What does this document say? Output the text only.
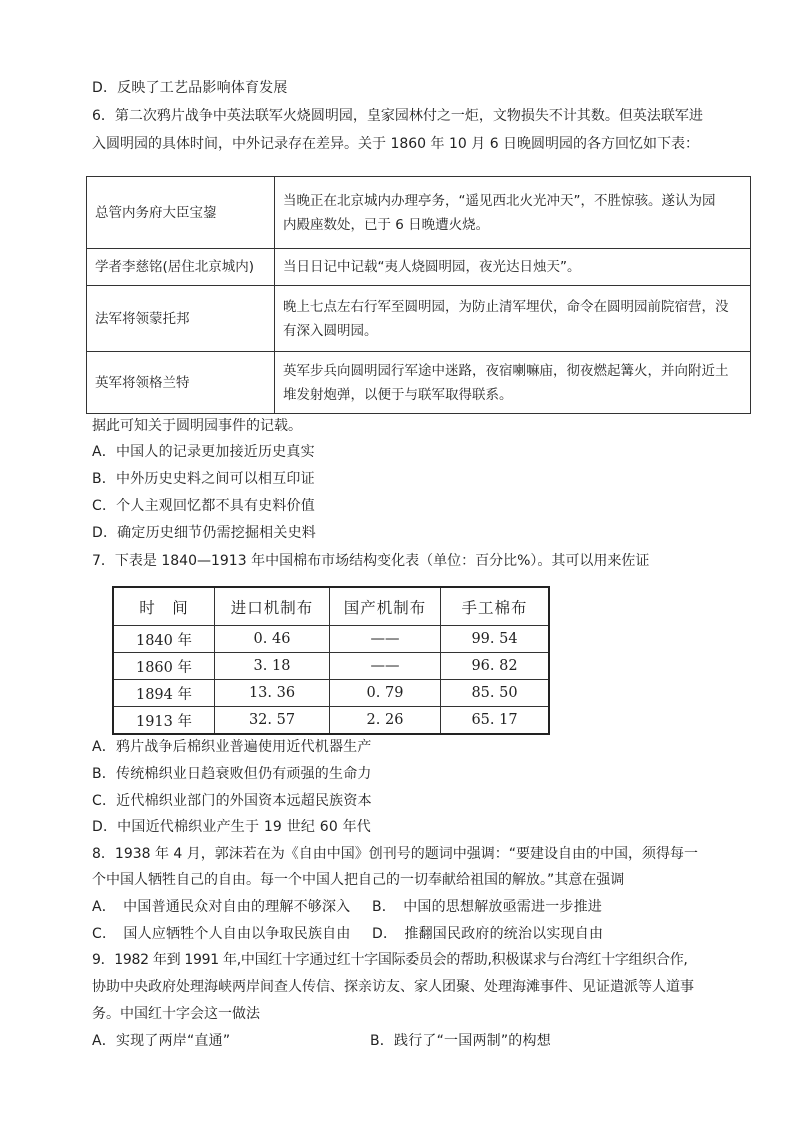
D．反映了工艺品影响体育发展
6．第二次鸦片战争中英法联军火烧圆明园，皇家园林付之一炬，文物损失不计其数。但英法联军进
入圆明园的具体时间，中外记录存在差异。关于 1860 年 10 月 6 日晚圆明园的各方回忆如下表：
总管内务府大臣宝鋆	当晚正在北京城内办理亭务，“遥见西北火光冲天”，不胜惊骇。遂认为园
内殿座数处，已于 6 日晚遭火烧。

学者李慈铭(居住北京城内)	当日日记中记载“夷人烧圆明园，夜光达日烛天”。

法军将领蒙托邦	晚上七点左右行军至圆明园，为防止清军埋伏，命令在圆明园前院宿营，没
有深入圆明园。

英军将领格兰特	英军步兵向圆明园行军途中迷路，夜宿喇嘛庙，彻夜燃起篝火，并向附近土
堆发射炮弹，以便于与联军取得联系。
据此可知关于圆明园事件的记载。
A．中国人的记录更加接近历史真实
B．中外历史史料之间可以相互印证
C．个人主观回忆都不具有史料价值
D．确定历史细节仍需挖掘相关史料
7．下表是 1840—1913 年中国棉布市场结构变化表（单位：百分比%）。其可以用来佐证
时　间	进口机制布	国产机制布	手工棉布
1840 年	0. 46	——	99. 54
1860 年	3. 18	——	96. 82
1894 年	13. 36	0. 79	85. 50
1913 年	32. 57	2. 26	65. 17
A．鸦片战争后棉织业普遍使用近代机器生产
B．传统棉织业日趋衰败但仍有顽强的生命力
C．近代棉织业部门的外国资本远超民族资本
D．中国近代棉织业产生于 19 世纪 60 年代
8．1938 年 4 月，郭沫若在为《自由中国》创刊号的题词中强调：“要建设自由的中国，须得每一
个中国人牺牲自己的自由。每一个中国人把自己的一切奉献给祖国的解放。”其意在强调
A．　中国普通民众对自由的理解不够深入 B．　中国的思想解放亟需进一步推进
C．　国人应牺牲个人自由以争取民族自由 D．　推翻国民政府的统治以实现自由
9．1982 年到 1991 年,中国红十字通过红十字国际委员会的帮助,积极谋求与台湾红十字组织合作,
协助中央政府处理海峡两岸间查人传信、探亲访友、家人团聚、处理海滩事件、见证遣派等人道事
务。中国红十字会这一做法
A．实现了两岸“直通”	B．践行了“一国两制”的构想
